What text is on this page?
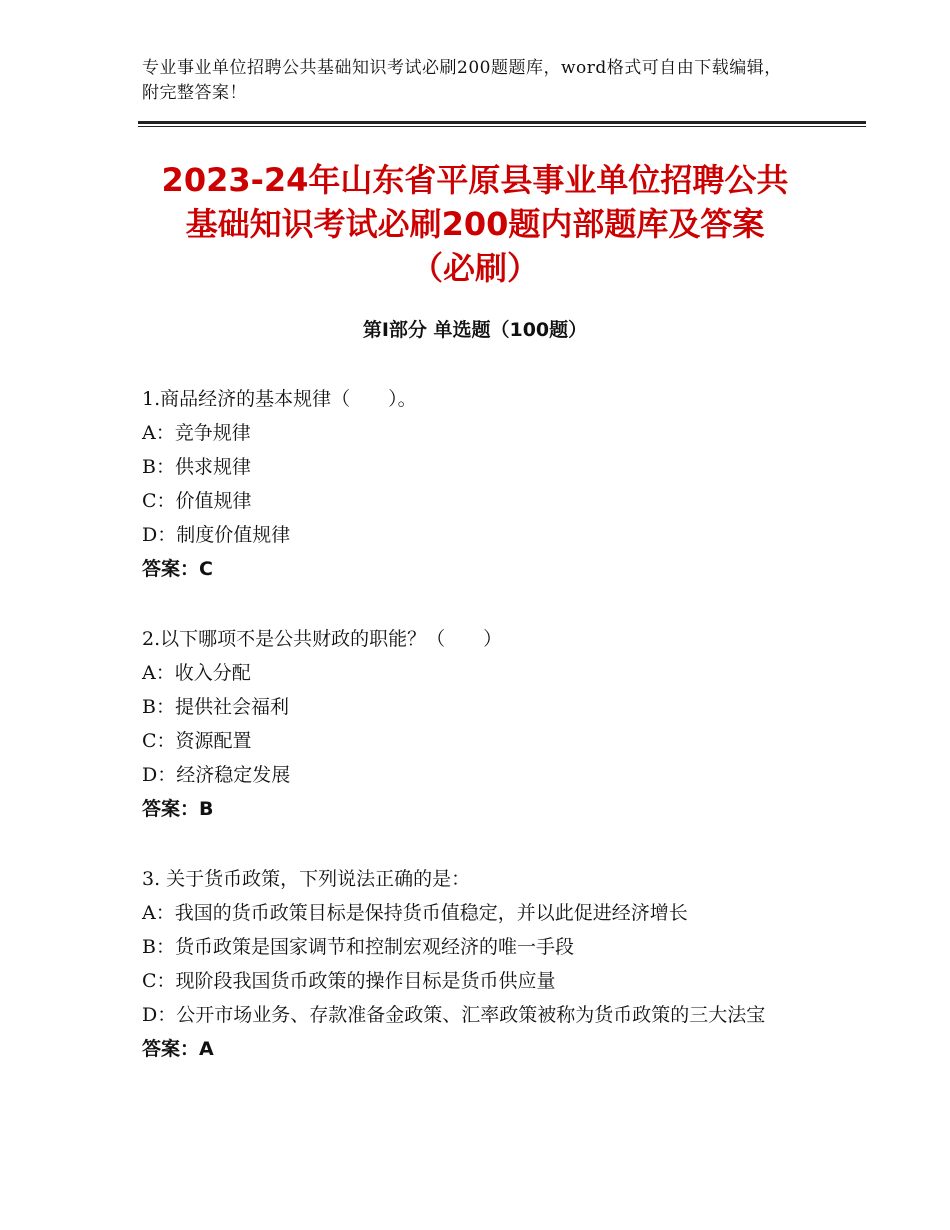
专业事业单位招聘公共基础知识考试必刷200题题库，word格式可自由下载编辑，附完整答案！
2023-24年山东省平原县事业单位招聘公共
基础知识考试必刷200题内部题库及答案
（必刷）
第Ⅰ部分 单选题（100题）
1.商品经济的基本规律（　　）。
A：竞争规律
B：供求规律
C：价值规律
D：制度价值规律
答案：C
2.以下哪项不是公共财政的职能？（　　）
A：收入分配
B：提供社会福利
C：资源配置
D：经济稳定发展
答案：B
3. 关于货币政策，下列说法正确的是：
A：我国的货币政策目标是保持货币值稳定，并以此促进经济增长
B：货币政策是国家调节和控制宏观经济的唯一手段
C：现阶段我国货币政策的操作目标是货币供应量
D：公开市场业务、存款准备金政策、汇率政策被称为货币政策的三大法宝
答案：A
